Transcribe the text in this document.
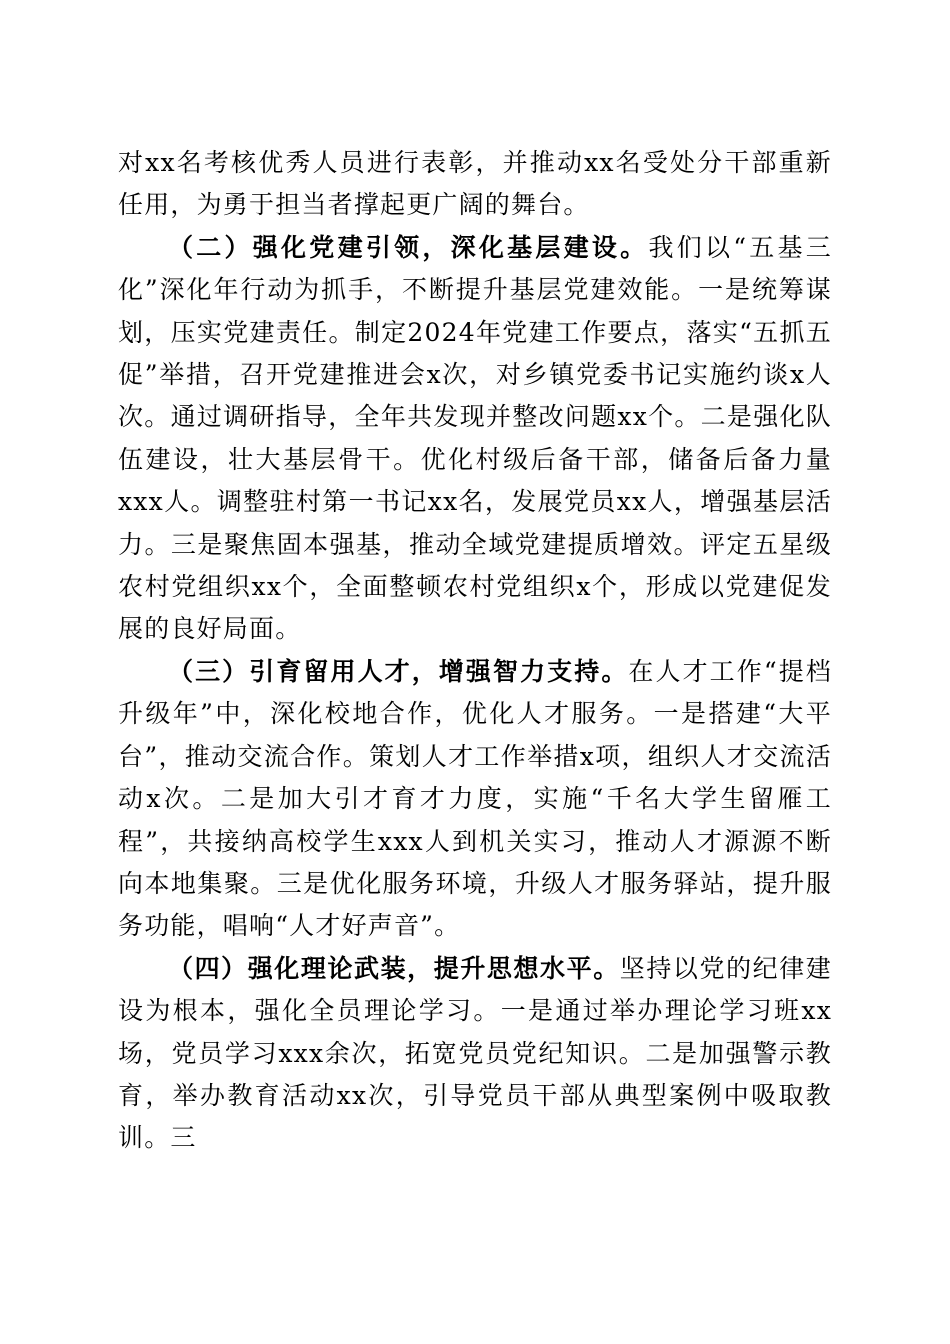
对xx名考核优秀人员进行表彰，并推动xx名受处分干部重新任用，为勇于担当者撑起更广阔的舞台。

（二）强化党建引领，深化基层建设。我们以“五基三化”深化年行动为抓手，不断提升基层党建效能。一是统筹谋划，压实党建责任。制定2024年党建工作要点，落实“五抓五促”举措，召开党建推进会x次，对乡镇党委书记实施约谈x人次。通过调研指导，全年共发现并整改问题xx个。二是强化队伍建设，壮大基层骨干。优化村级后备干部，储备后备力量xxx人。调整驻村第一书记xx名，发展党员xx人，增强基层活力。三是聚焦固本强基，推动全域党建提质增效。评定五星级农村党组织xx个，全面整顿农村党组织x个，形成以党建促发展的良好局面。

（三）引育留用人才，增强智力支持。在人才工作“提档升级年”中，深化校地合作，优化人才服务。一是搭建“大平台”，推动交流合作。策划人才工作举措x项，组织人才交流活动x次。二是加大引才育才力度，实施“千名大学生留雁工程”，共接纳高校学生xxx人到机关实习，推动人才源源不断向本地集聚。三是优化服务环境，升级人才服务驿站，提升服务功能，唱响“人才好声音”。

（四）强化理论武装，提升思想水平。坚持以党的纪律建设为根本，强化全员理论学习。一是通过举办理论学习班xx场，党员学习xxx余次，拓宽党员党纪知识。二是加强警示教育，举办教育活动xx次，引导党员干部从典型案例中吸取教训。三
